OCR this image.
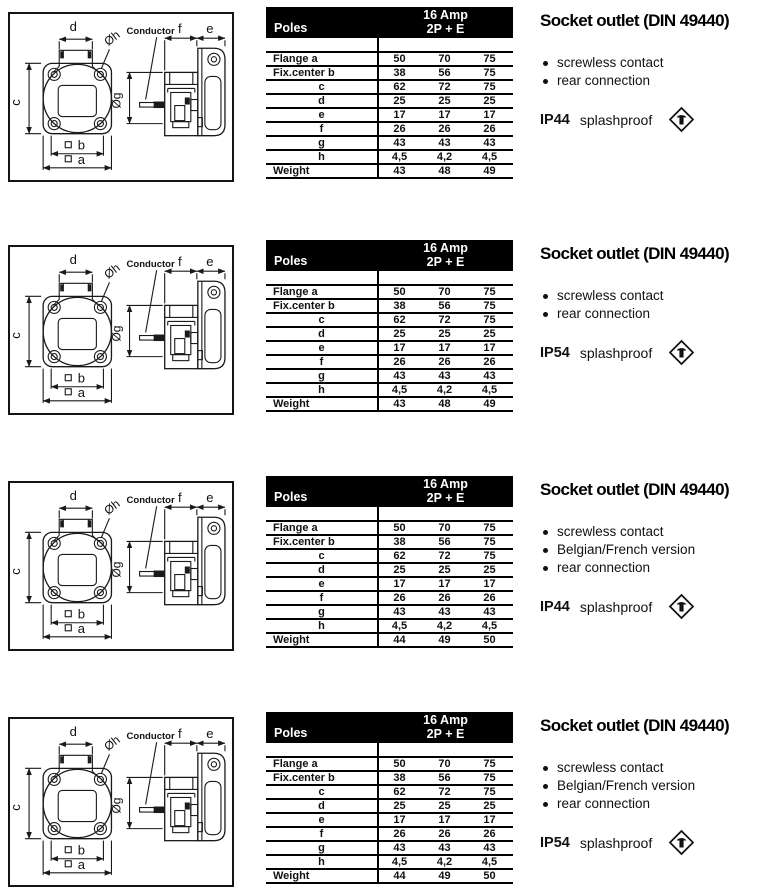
Poles
16 Amp
2P + E
Flange a	50	70	75
Fix.center b	38	56	75
c	62	72	75
d	25	25	25
e	17	17	17
f	26	26	26
g	43	43	43
h	4,5	4,2	4,5
Weight	43	48	49
Socket outlet (DIN 49440)
screwless contact
rear connection
IP44 splashproof
Poles
16 Amp
2P + E
Flange a	50	70	75
Fix.center b	38	56	75
c	62	72	75
d	25	25	25
e	17	17	17
f	26	26	26
g	43	43	43
h	4,5	4,2	4,5
Weight	43	48	49
Socket outlet (DIN 49440)
screwless contact
rear connection
IP54 splashproof
Poles
16 Amp
2P + E
Flange a	50	70	75
Fix.center b	38	56	75
c	62	72	75
d	25	25	25
e	17	17	17
f	26	26	26
g	43	43	43
h	4,5	4,2	4,5
Weight	44	49	50
Socket outlet (DIN 49440)
screwless contact
Belgian/French version
rear connection
IP44 splashproof
Poles
16 Amp
2P + E
Flange a	50	70	75
Fix.center b	38	56	75
c	62	72	75
d	25	25	25
e	17	17	17
f	26	26	26
g	43	43	43
h	4,5	4,2	4,5
Weight	44	49	50
Socket outlet (DIN 49440)
screwless contact
Belgian/French version
rear connection
IP54 splashproof
